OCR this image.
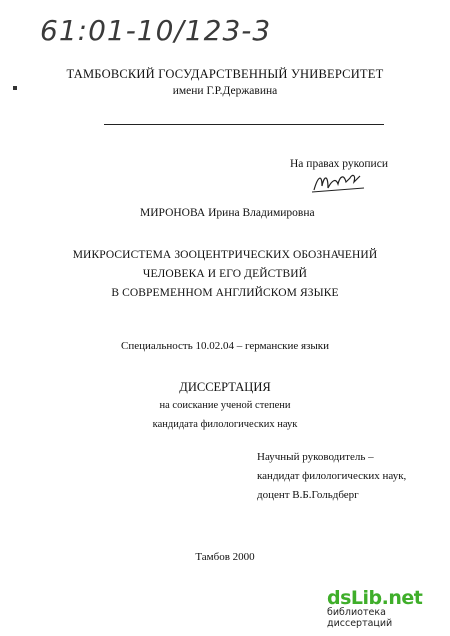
61:01-10/123-3
ТАМБОВСКИЙ ГОСУДАРСТВЕННЫЙ УНИВЕРСИТЕТ
имени Г.Р.Державина
На правах рукописи
МИРОНОВА Ирина Владимировна
МИКРОСИСТЕМА ЗООЦЕНТРИЧЕСКИХ ОБОЗНАЧЕНИЙ
ЧЕЛОВЕКА И ЕГО ДЕЙСТВИЙ
В СОВРЕМЕННОМ АНГЛИЙСКОМ ЯЗЫКЕ
Специальность 10.02.04 – германские языки
ДИССЕРТАЦИЯ
на соискание ученой степени
кандидата филологических наук
Научный руководитель –
кандидат филологических наук,
доцент В.Б.Гольдберг
Тамбов 2000
dsLib.net
библиотека диссертаций
